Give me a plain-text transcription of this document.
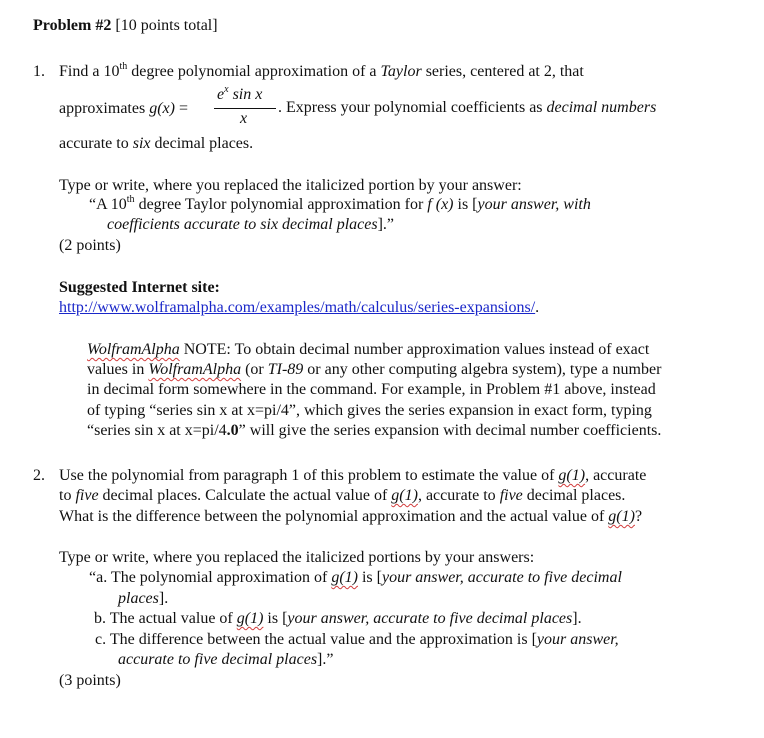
Problem #2 [10 points total]
1. Find a 10th degree polynomial approximation of a Taylor series, centered at 2, that
approximates g(x) =
$e^x$ sin x
x
. Express your polynomial coefficients as decimal numbers
accurate to six decimal places.
Type or write, where you replaced the italicized portion by your answer:
“A 10th degree Taylor polynomial approximation for f (x) is [your answer, with
coefficients accurate to six decimal places].”
(2 points)
Suggested Internet site:
http://www.wolframalpha.com/examples/math/calculus/series-expansions/.
WolframAlpha NOTE: To obtain decimal number approximation values instead of exact
values in WolframAlpha (or TI-89 or any other computing algebra system), type a number
in decimal form somewhere in the command. For example, in Problem #1 above, instead
of typing “series sin x at x=pi/4”, which gives the series expansion in exact form, typing
“series sin x at x=pi/4.0” will give the series expansion with decimal number coefficients.
2. Use the polynomial from paragraph 1 of this problem to estimate the value of g(1), accurate
to five decimal places. Calculate the actual value of g(1), accurate to five decimal places.
What is the difference between the polynomial approximation and the actual value of g(1)?
Type or write, where you replaced the italicized portions by your answers:
“a. The polynomial approximation of g(1) is [your answer, accurate to five decimal
places].
b. The actual value of g(1) is [your answer, accurate to five decimal places].
c. The difference between the actual value and the approximation is [your answer,
accurate to five decimal places].”
(3 points)
